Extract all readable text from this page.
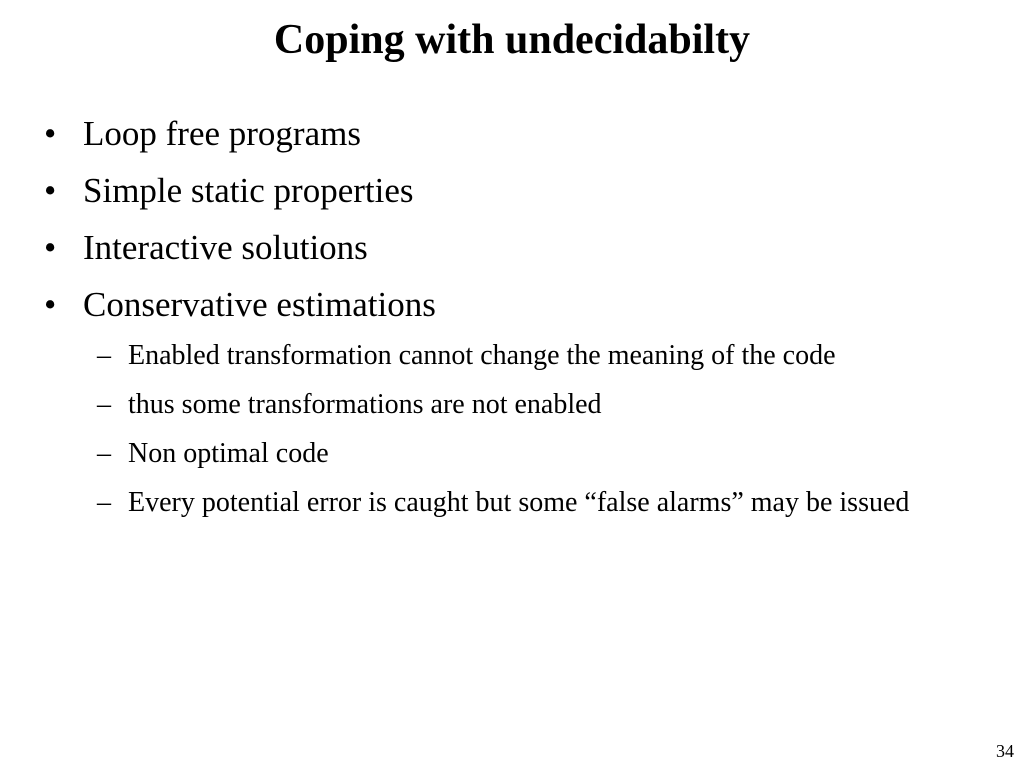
Coping with undecidabilty
• Loop free programs
• Simple static properties
• Interactive solutions
• Conservative estimations
– Enabled transformation cannot change the meaning of the code
– thus some transformations are not enabled
– Non optimal code
– Every potential error is caught but some “false alarms” may be issued
34
